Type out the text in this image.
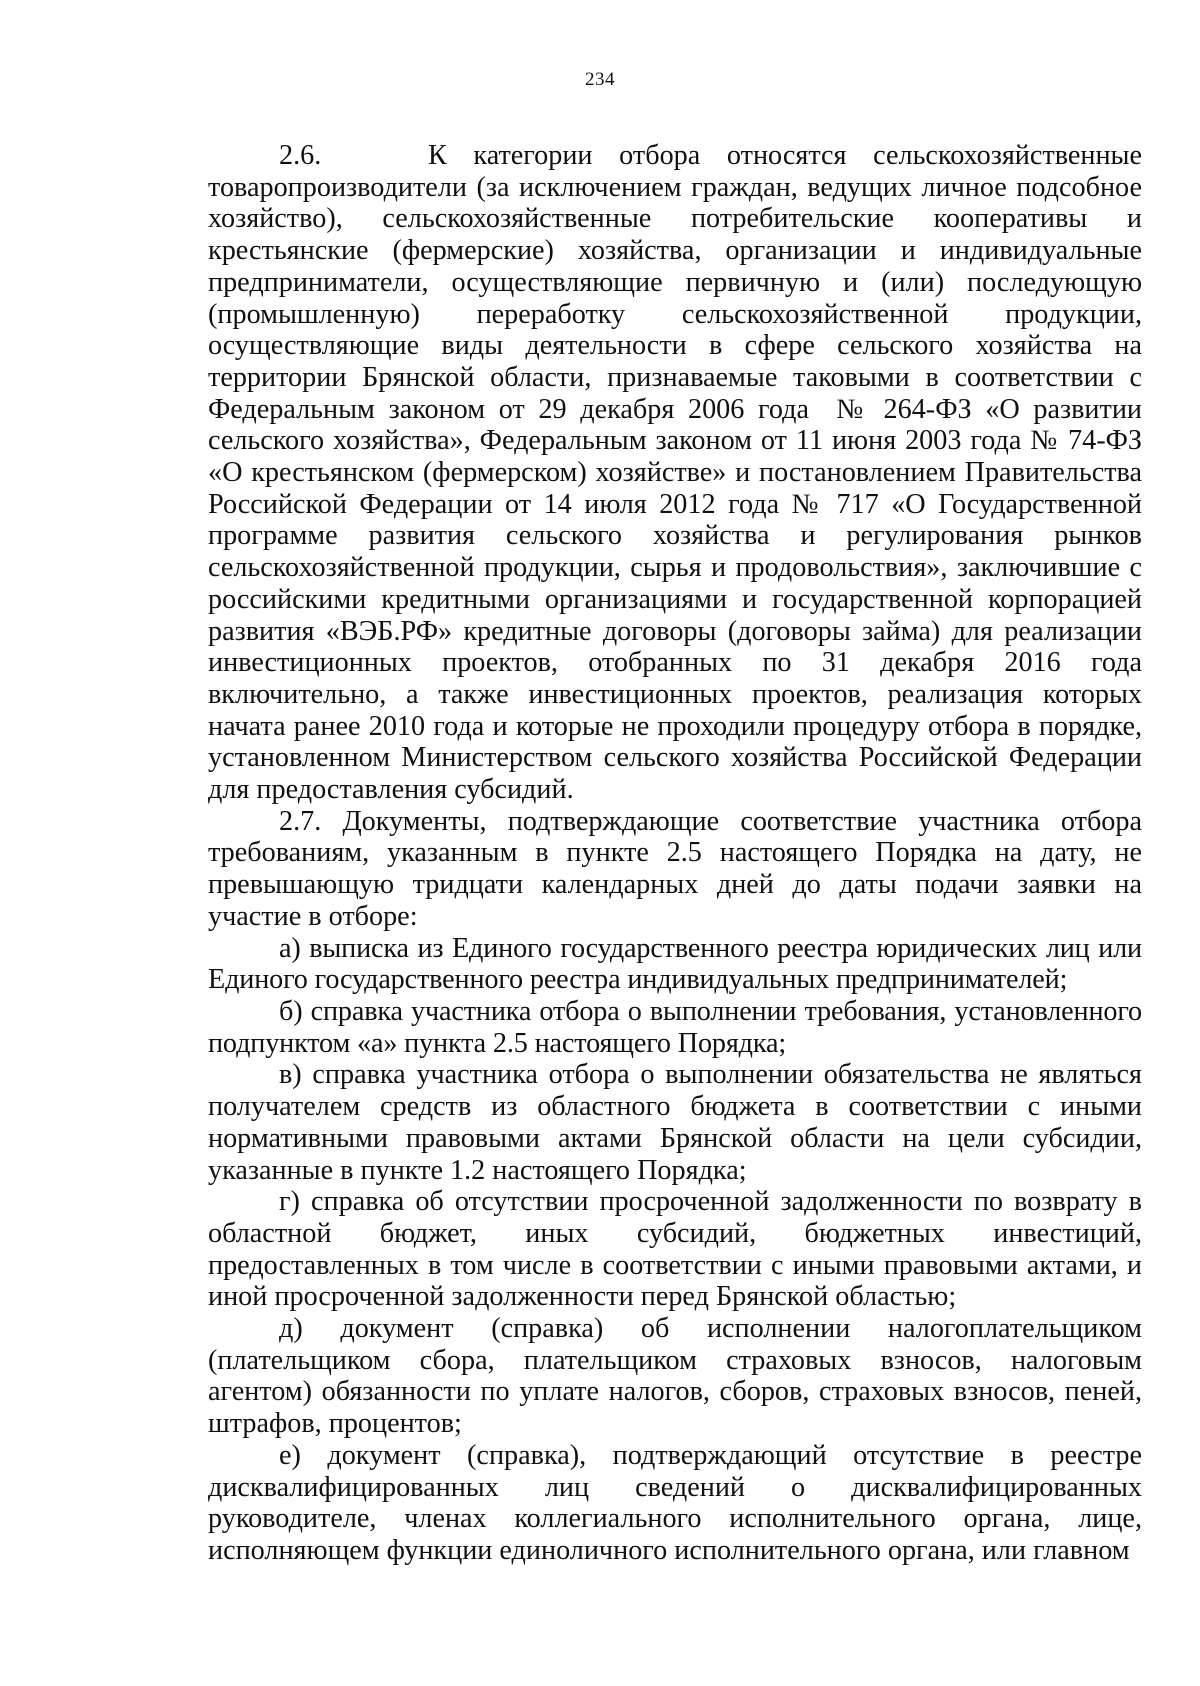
234

2.6.    К категории отбора относятся сельскохозяйственные товаропроизводители (за исключением граждан, ведущих личное подсобное хозяйство), сельскохозяйственные потребительские кооперативы и крестьянские (фермерские) хозяйства, организации и индивидуальные предприниматели, осуществляющие первичную и (или) последующую (промышленную) переработку сельскохозяйственной продукции, осуществляющие виды деятельности в сфере сельского хозяйства на территории Брянской области, признаваемые таковыми в соответствии с Федеральным законом от 29 декабря 2006 года  № 264-ФЗ «О развитии сельского хозяйства», Федеральным законом от 11 июня 2003 года № 74-ФЗ «О крестьянском (фермерском) хозяйстве» и постановлением Правительства Российской Федерации от 14 июля 2012 года № 717 «О Государственной программе развития сельского хозяйства и регулирования рынков сельскохозяйственной продукции, сырья и продовольствия», заключившие с российскими кредитными организациями и государственной корпорацией развития «ВЭБ.РФ» кредитные договоры (договоры займа) для реализации инвестиционных проектов, отобранных по 31 декабря 2016 года включительно, а также инвестиционных проектов, реализация которых начата ранее 2010 года и которые не проходили процедуру отбора в порядке, установленном Министерством сельского хозяйства Российской Федерации для предоставления субсидий.

2.7. Документы, подтверждающие соответствие участника отбора требованиям, указанным в пункте 2.5 настоящего Порядка на дату, не превышающую тридцати календарных дней до даты подачи заявки на участие в отборе:

а) выписка из Единого государственного реестра юридических лиц или Единого государственного реестра индивидуальных предпринимателей;

б) справка участника отбора о выполнении требования, установленного подпунктом «а» пункта 2.5 настоящего Порядка;

в) справка участника отбора о выполнении обязательства не являться получателем средств из областного бюджета в соответствии с иными нормативными правовыми актами Брянской области на цели субсидии, указанные в пункте 1.2 настоящего Порядка;

г) справка об отсутствии просроченной задолженности по возврату в областной бюджет, иных субсидий, бюджетных инвестиций, предоставленных в том числе в соответствии с иными правовыми актами, и иной просроченной задолженности перед Брянской областью;

д) документ (справка) об исполнении налогоплательщиком (плательщиком сбора, плательщиком страховых взносов, налоговым агентом) обязанности по уплате налогов, сборов, страховых взносов, пеней, штрафов, процентов;

е) документ (справка), подтверждающий отсутствие в реестре дисквалифицированных лиц сведений о дисквалифицированных руководителе, членах коллегиального исполнительного органа, лице, исполняющем функции единоличного исполнительного органа, или главном
